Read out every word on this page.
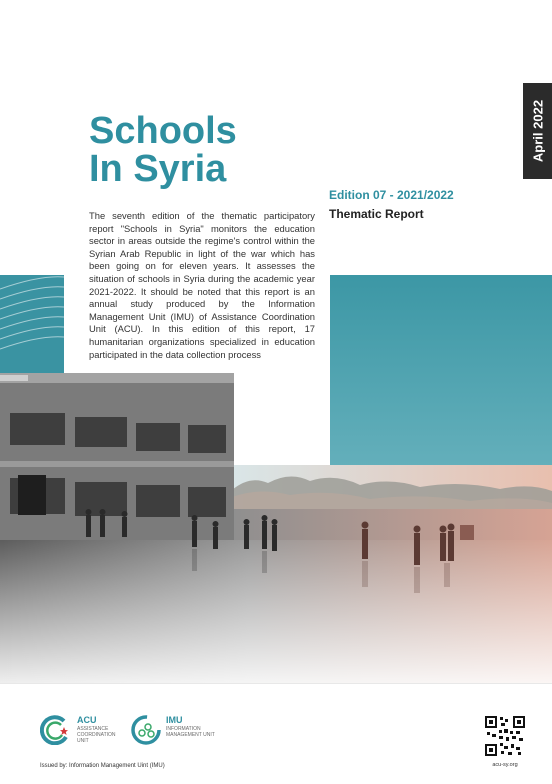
April 2022
Schools
In Syria
Edition 07 - 2021/2022
Thematic Report
The seventh edition of the thematic participatory report "Schools in Syria" monitors the education sector in areas outside the regime's control within the Syrian Arab Republic in light of the war which has been going on for eleven years. It assesses the situation of schools in Syria during the academic year 2021-2022. It should be noted that this report is an annual study produced by the Information Management Unit (IMU) of Assistance Coordination Unit (ACU). In this edition of this report, 17 humanitarian organizations specialized in education participated in the data collection process
ACU
ASSISTANCE COORDINATION UNIT
IMU
INFORMATION MANAGEMENT UNIT
Issued by: Information Management Uint (IMU)	acu-sy.org
